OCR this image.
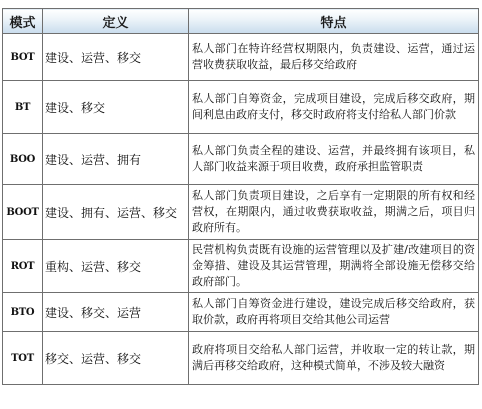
模式	定义	特点
BOT	建设、运营、移交	私人部门在特许经营权期限内，负责建设、运营，通过运营收费获取收益，最后移交给政府
BT	建设、移交	私人部门自筹资金，完成项目建设，完成后移交政府，期间利息由政府支付，移交时政府将支付给私人部门价款
BOO	建设、运营、拥有	私人部门负责全程的建设、运营，并最终拥有该项目，私人部门收益来源于项目收费，政府承担监管职责
BOOT	建设、拥有、运营、移交	私人部门负责项目建设，之后享有一定期限的所有权和经营权，在期限内，通过收费获取收益，期满之后，项目归政府所有。
ROT	重构、运营、移交	民营机构负责既有设施的运营管理以及扩建/改建项目的资金筹措、建设及其运营管理，期满将全部设施无偿移交给政府部门。
BTO	建设、移交、运营	私人部门自筹资金进行建设，建设完成后移交给政府，获取价款，政府再将项目交给其他公司运营
TOT	移交、运营、移交	政府将项目交给私人部门运营，并收取一定的转让款，期满后再移交给政府，这种模式简单，不涉及较大融资
